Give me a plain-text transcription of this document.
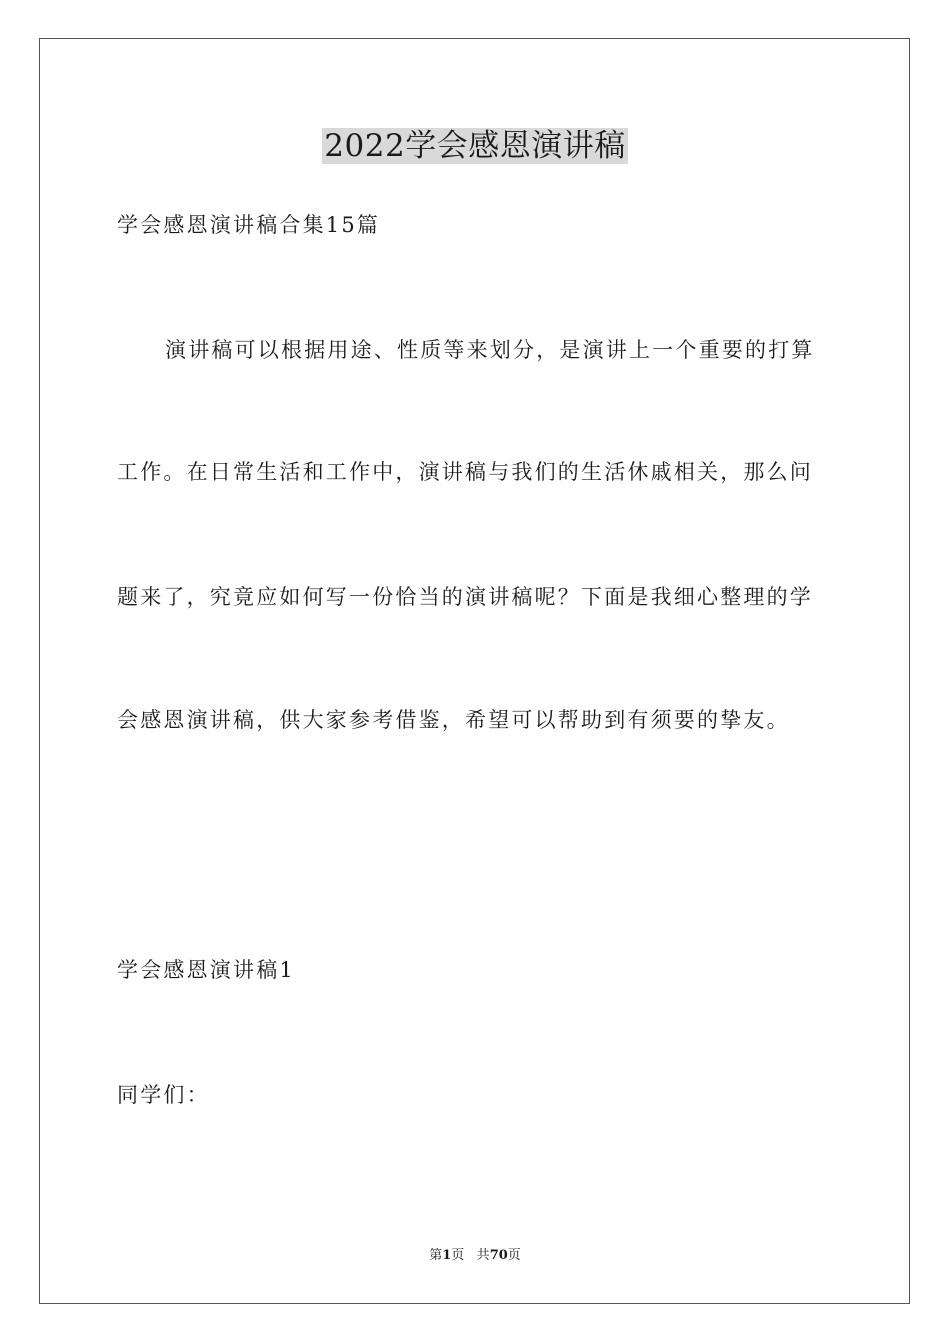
2022学会感恩演讲稿
学会感恩演讲稿合集15篇
演讲稿可以根据用途、性质等来划分，是演讲上一个重要的打算
工作。在日常生活和工作中，演讲稿与我们的生活休戚相关，那么问
题来了，究竟应如何写一份恰当的演讲稿呢？下面是我细心整理的学
会感恩演讲稿，供大家参考借鉴，希望可以帮助到有须要的挚友。
学会感恩演讲稿1
同学们：
第1页 共70页
